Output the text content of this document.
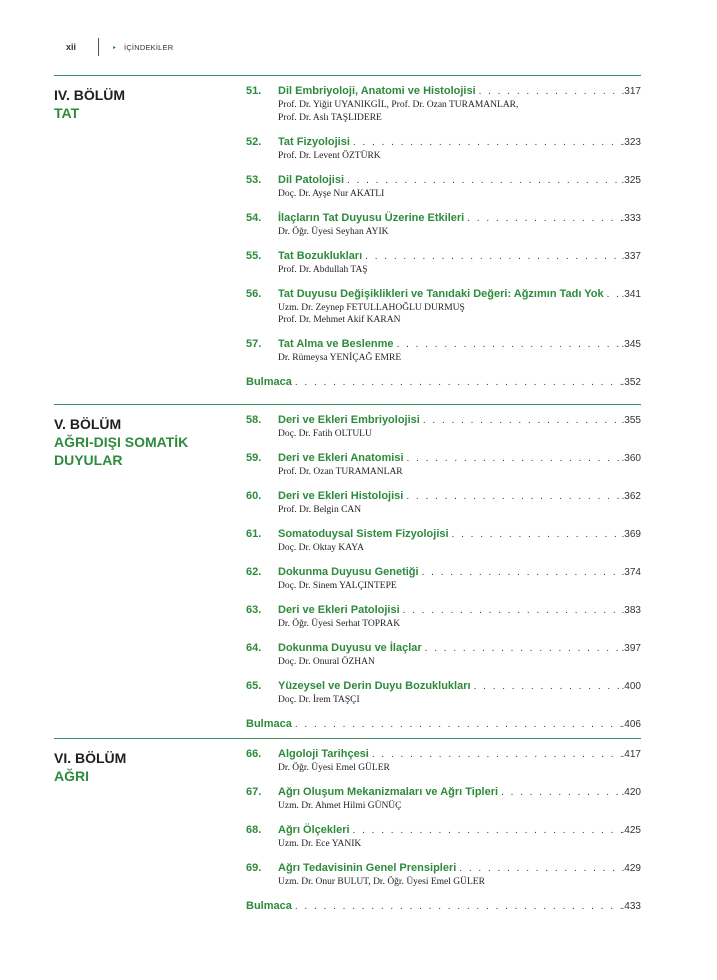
xii	▸ İÇİNDEKİLER
IV. BÖLÜM
TAT
51.	Dil Embriyoloji, Anatomi ve Histolojisi . . .	.317
Prof. Dr. Yiğit UYANIKGİL, Prof. Dr. Ozan TURAMANLAR,
Prof. Dr. Aslı TAŞLIDERE
52.	Tat Fizyolojisi . . .	.323
Prof. Dr. Levent ÖZTÜRK
53.	Dil Patolojisi . . .	.325
Doç. Dr. Ayşe Nur AKATLI
54.	İlaçların Tat Duyusu Üzerine Etkileri . . .	.333
Dr. Öğr. Üyesi Seyhan AYIK
55.	Tat Bozuklukları . . .	.337
Prof. Dr. Abdullah TAŞ
56.	Tat Duyusu Değişiklikleri ve Tanıdaki Değeri: Ağzımın Tadı Yok . . . .341
Uzm. Dr. Zeynep FETULLAHOĞLU DURMUŞ
Prof. Dr. Mehmet Akif KARAN
57.	Tat Alma ve Beslenme . . .	.345
Dr. Rümeysa YENİÇAĞ EMRE
Bulmaca . . .	.352
V. BÖLÜM
AĞRI-DIŞI SOMATİK
DUYULAR
58.	Deri ve Ekleri Embriyolojisi . . .	.355
Doç. Dr. Fatih OLTULU
59.	Deri ve Ekleri Anatomisi . . .	.360
Prof. Dr. Ozan TURAMANLAR
60.	Deri ve Ekleri Histolojisi . . .	.362
Prof. Dr. Belgin CAN
61.	Somatoduysal Sistem Fizyolojisi . . .	.369
Doç. Dr. Oktay KAYA
62.	Dokunma Duyusu Genetiği . . .	.374
Doç. Dr. Sinem YALÇINTEPE
63.	Deri ve Ekleri Patolojisi . . .	.383
Dr. Öğr. Üyesi Serhat TOPRAK
64.	Dokunma Duyusu ve İlaçlar . . .	.397
Doç. Dr. Onural ÖZHAN
65.	Yüzeysel ve Derin Duyu Bozuklukları . . .	.400
Doç. Dr. İrem TAŞÇI
Bulmaca . . .	.406
VI. BÖLÜM
AĞRI
66.	Algoloji Tarihçesi . . .	.417
Dr. Öğr. Üyesi Emel GÜLER
67.	Ağrı Oluşum Mekanizmaları ve Ağrı Tipleri . . .	.420
Uzm. Dr. Ahmet Hilmi GÜNÜÇ
68.	Ağrı Ölçekleri . . .	.425
Uzm. Dr. Ece YANIK
69.	Ağrı Tedavisinin Genel Prensipleri . . .	.429
Uzm. Dr. Onur BULUT, Dr. Öğr. Üyesi Emel GÜLER
Bulmaca . . .	.433
